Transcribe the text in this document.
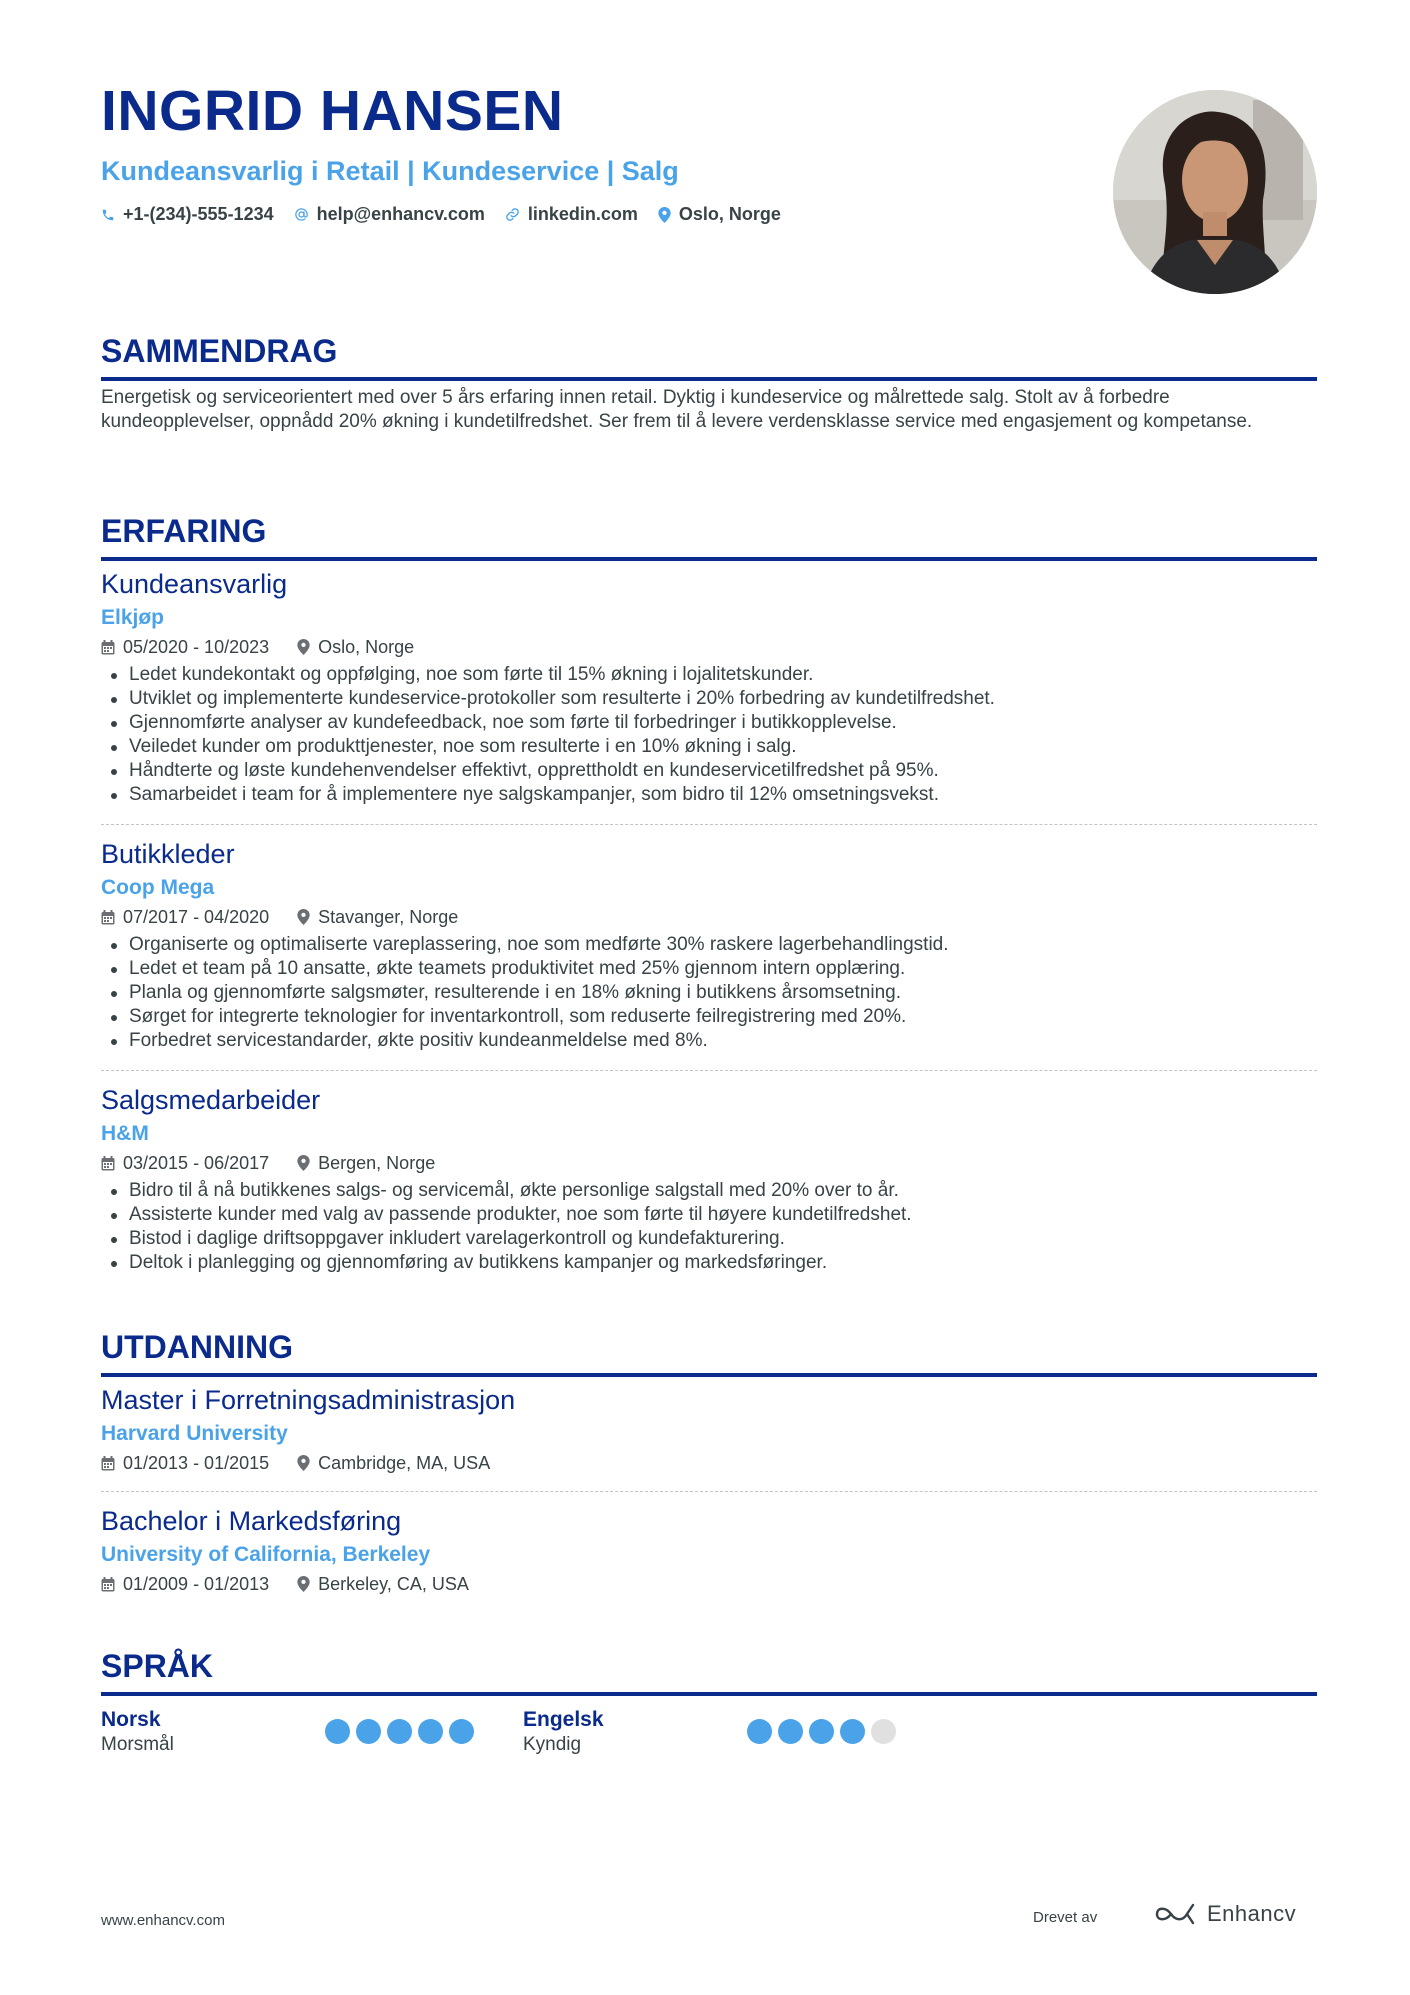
INGRID HANSEN
Kundeansvarlig i Retail | Kundeservice | Salg
+1-(234)-555-1234 help@enhancv.com linkedin.com Oslo, Norge
SAMMENDRAG

Energetisk og serviceorientert med over 5 års erfaring innen retail. Dyktig i kundeservice og målrettede salg. Stolt av å forbedre kundeopplevelser, oppnådd 20% økning i kundetilfredshet. Ser frem til å levere verdensklasse service med engasjement og kompetanse.

ERFARING
Kundeansvarlig
Elkjøp
05/2020 - 10/2023	Oslo, Norge
Ledet kundekontakt og oppfølging, noe som førte til 15% økning i lojalitetskunder.
Utviklet og implementerte kundeservice-protokoller som resulterte i 20% forbedring av kundetilfredshet.
Gjennomførte analyser av kundefeedback, noe som førte til forbedringer i butikkopplevelse.
Veiledet kunder om produkttjenester, noe som resulterte i en 10% økning i salg.
Håndterte og løste kundehenvendelser effektivt, opprettholdt en kundeservicetilfredshet på 95%.
Samarbeidet i team for å implementere nye salgskampanjer, som bidro til 12% omsetningsvekst.
Butikkleder
Coop Mega
07/2017 - 04/2020	Stavanger, Norge
Organiserte og optimaliserte vareplassering, noe som medførte 30% raskere lagerbehandlingstid.
Ledet et team på 10 ansatte, økte teamets produktivitet med 25% gjennom intern opplæring.
Planla og gjennomførte salgsmøter, resulterende i en 18% økning i butikkens årsomsetning.
Sørget for integrerte teknologier for inventarkontroll, som reduserte feilregistrering med 20%.
Forbedret servicestandarder, økte positiv kundeanmeldelse med 8%.
Salgsmedarbeider
H&M
03/2015 - 06/2017	Bergen, Norge
Bidro til å nå butikkenes salgs- og servicemål, økte personlige salgstall med 20% over to år.
Assisterte kunder med valg av passende produkter, noe som førte til høyere kundetilfredshet.
Bistod i daglige driftsoppgaver inkludert varelagerkontroll og kundefakturering.
Deltok i planlegging og gjennomføring av butikkens kampanjer og markedsføringer.
UTDANNING
Master i Forretningsadministrasjon
Harvard University
01/2013 - 01/2015	Cambridge, MA, USA
Bachelor i Markedsføring
University of California, Berkeley
01/2009 - 01/2013	Berkeley, CA, USA
SPRÅK
Norsk
Morsmål
Engelsk
Kyndig
www.enhancv.com	Drevet av	Enhancv
